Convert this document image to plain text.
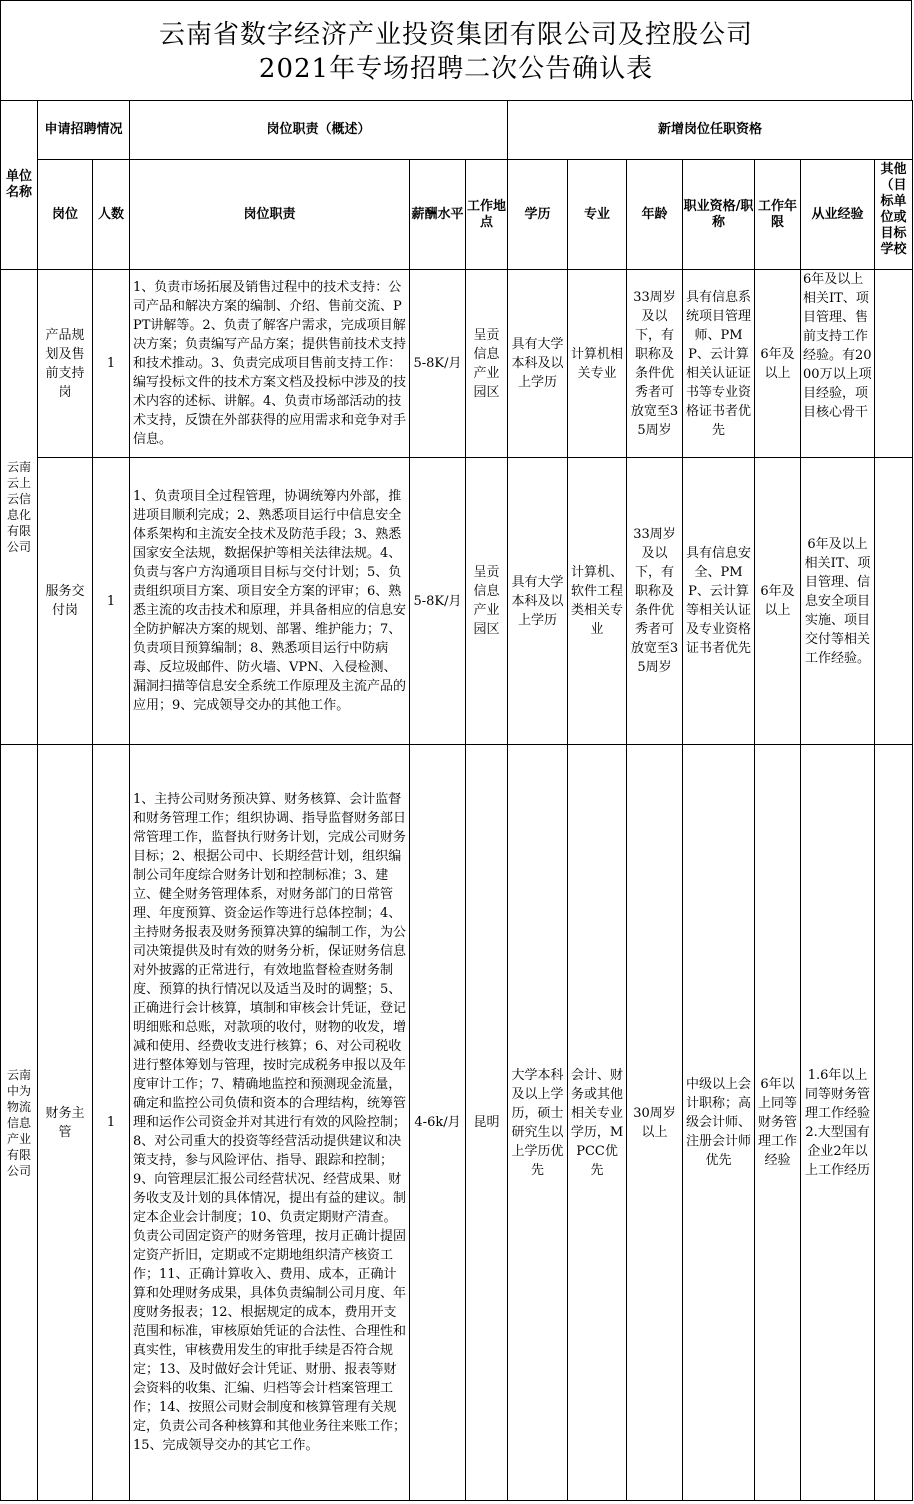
云南省数字经济产业投资集团有限公司及控股公司
2021年专场招聘二次公告确认表
单位名称	申请招聘情况		岗位职责（概述）			新增岗位任职资格						
	岗位	人数	岗位职责	薪酬水平	工作地点	学历	专业	年龄	职业资格/职称	工作年限	从业经验	其他（目标单位或目标学校

云南云上云信息化有限公司	产品规划及售前支持岗	1	1、负责市场拓展及销售过程中的技术支持：公司产品和解决方案的编制、介绍、售前交流、PPT讲解等。2、负责了解客户需求，完成项目解决方案；负责编写产品方案；提供售前技术支持和技术推动。3、负责完成项目售前支持工作：编写投标文件的技术方案文档及投标中涉及的技术内容的述标、讲解。4、负责市场部活动的技术支持，反馈在外部获得的应用需求和竞争对手信息。	5-8K/月	呈贡信息产业园区	具有大学本科及以上学历	计算机相关专业	33周岁及以下，有职称及条件优秀者可放宽至35周岁	具有信息系统项目管理师、PMP、云计算相关认证证书等专业资格证书者优先	6年及以上	6年及以上相关IT、项目管理、售前支持工作经验。有2000万以上项目经验，项目核心骨干	

	服务交付岗	1	1、负责项目全过程管理，协调统筹内外部，推进项目顺利完成；2、熟悉项目运行中信息安全体系架构和主流安全技术及防范手段；3、熟悉国家安全法规，数据保护等相关法律法规。4、负责与客户方沟通项目目标与交付计划；5、负责组织项目方案、项目安全方案的评审；6、熟悉主流的攻击技术和原理，并具备相应的信息安全防护解决方案的规划、部署、维护能力；7、负责项目预算编制；8、熟悉项目运行中防病毒、反垃圾邮件、防火墙、VPN、入侵检测、漏洞扫描等信息安全系统工作原理及主流产品的应用；9、完成领导交办的其他工作。	5-8K/月	呈贡信息产业园区	具有大学本科及以上学历	计算机、软件工程类相关专业	33周岁及以下，有职称及条件优秀者可放宽至35周岁	具有信息安全、PMP、云计算等相关认证及专业资格证书者优先	6年及以上	6年及以上相关IT、项目管理、信息安全项目实施、项目交付等相关工作经验。	

云南中为物流信息产业有限公司	财务主管	1	1、主持公司财务预决算、财务核算、会计监督和财务管理工作；组织协调、指导监督财务部日常管理工作，监督执行财务计划，完成公司财务目标；2、根据公司中、长期经营计划，组织编制公司年度综合财务计划和控制标准；3、建立、健全财务管理体系，对财务部门的日常管理、年度预算、资金运作等进行总体控制；4、主持财务报表及财务预算决算的编制工作，为公司决策提供及时有效的财务分析，保证财务信息对外披露的正常进行，有效地监督检查财务制度、预算的执行情况以及适当及时的调整；5、正确进行会计核算，填制和审核会计凭证，登记明细账和总账，对款项的收付，财物的收发，增减和使用、经费收支进行核算；6、对公司税收进行整体筹划与管理，按时完成税务申报以及年度审计工作；7、精确地监控和预测现金流量，确定和监控公司负债和资本的合理结构，统筹管理和运作公司资金并对其进行有效的风险控制；8、对公司重大的投资等经营活动提供建议和决策支持，参与风险评估、指导、跟踪和控制；9、向管理层汇报公司经营状况、经营成果、财务收支及计划的具体情况，提出有益的建议。制定本企业会计制度；10、负责定期财产清查。负责公司固定资产的财务管理，按月正确计提固定资产折旧，定期或不定期地组织清产核资工作；11、正确计算收入、费用、成本，正确计算和处理财务成果，具体负责编制公司月度、年度财务报表；12、根据规定的成本，费用开支范围和标准，审核原始凭证的合法性、合理性和真实性，审核费用发生的审批手续是否符合规定；13、及时做好会计凭证、财册、报表等财会资料的收集、汇编、归档等会计档案管理工作；14、按照公司财会制度和核算管理有关规定，负责公司各种核算和其他业务往来账工作；15、完成领导交办的其它工作。	4-6k/月	昆明	大学本科及以上学历，硕士研究生以上学历优先	会计、财务或其他相关专业学历，MPCC优先	30周岁以上	中级以上会计职称；高级会计师、注册会计师优先	6年以上同等财务管理工作经验	1.6年以上同等财务管理工作经验 2.大型国有企业2年以上工作经历	
